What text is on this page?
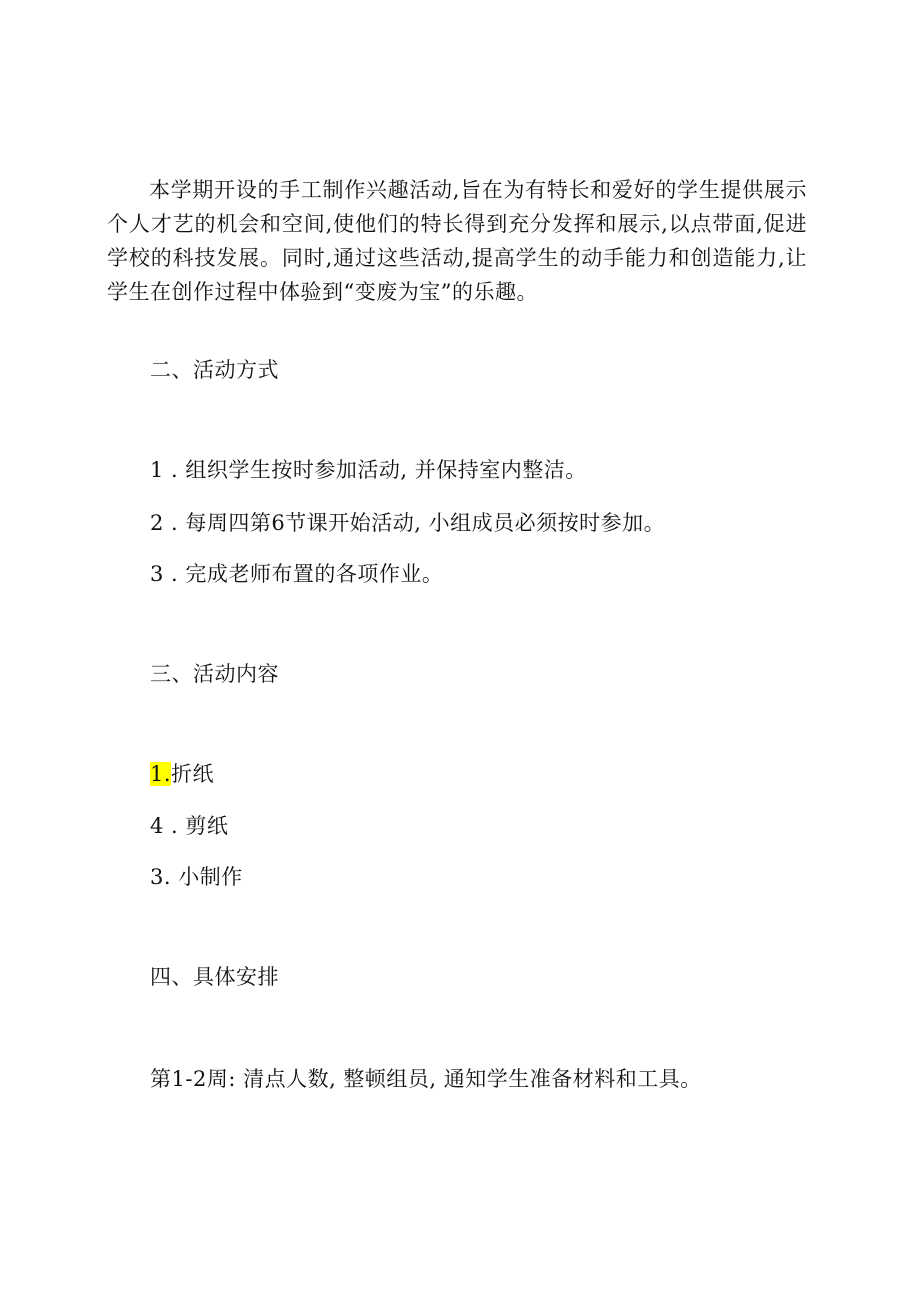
本学期开设的手工制作兴趣活动,旨在为有特长和爱好的学生提供展示个人才艺的机会和空间,使他们的特长得到充分发挥和展示,以点带面,促进学校的科技发展。同时,通过这些活动,提高学生的动手能力和创造能力,让学生在创作过程中体验到“变废为宝”的乐趣。

二、活动方式

1 . 组织学生按时参加活动, 并保持室内整洁。

2 . 每周四第6节课开始活动, 小组成员必须按时参加。

3 . 完成老师布置的各项作业。

三、活动内容

1.折纸

4 . 剪纸

3. 小制作

四、具体安排

第1-2周: 清点人数, 整顿组员, 通知学生准备材料和工具。
